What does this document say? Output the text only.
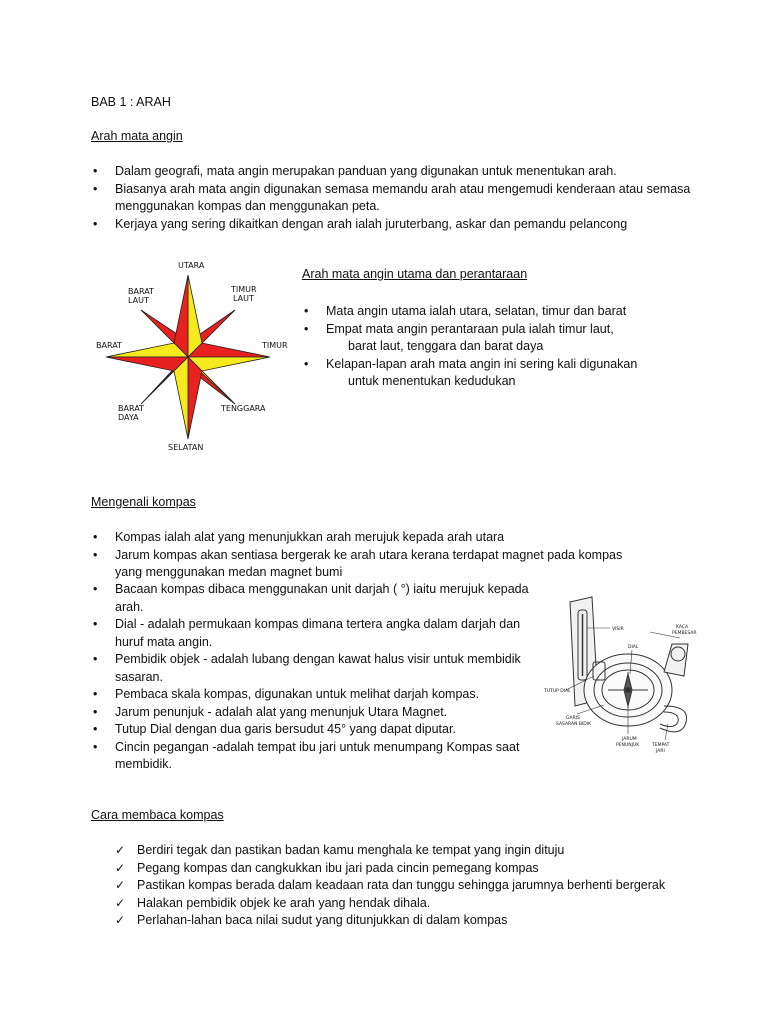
BAB 1 : ARAH
Arah mata angin
• Dalam geografi, mata angin merupakan panduan yang digunakan untuk menentukan arah.
• Biasanya arah mata angin digunakan semasa memandu arah atau mengemudi kenderaan atau semasa menggunakan kompas dan menggunakan peta.
• Kerjaya yang sering dikaitkan dengan arah ialah juruterbang, askar dan pemandu pelancong
UTARA
SELATAN
TIMUR
BARAT
TIMUR
LAUT
BARAT
LAUT
TENGGARA
BARAT
DAYA
Arah mata angin utama dan perantaraan
• Mata angin utama ialah utara, selatan, timur dan barat
• Empat mata angin perantaraan pula ialah timur laut,
barat laut, tenggara dan barat daya
• Kelapan-lapan arah mata angin ini sering kali digunakan
untuk menentukan kedudukan
Mengenali kompas
• Kompas ialah alat yang menunjukkan arah merujuk kepada arah utara
• Jarum kompas akan sentiasa bergerak ke arah utara kerana terdapat magnet pada kompas yang menggunakan medan magnet bumi
• Bacaan kompas dibaca menggunakan unit darjah ( °) iaitu merujuk kepada arah.
• Dial - adalah permukaan kompas dimana tertera angka dalam darjah dan huruf mata angin.
• Pembidik objek - adalah lubang dengan kawat halus visir untuk membidik sasaran.
• Pembaca skala kompas, digunakan untuk melihat darjah kompas.
• Jarum penunjuk - adalah alat yang menunjuk Utara Magnet.
• Tutup Dial dengan dua garis bersudut 45° yang dapat diputar.
• Cincin pegangan -adalah tempat ibu jari untuk menumpang Kompas saat membidik.
VISIR	KACA
PEMBESAR
DIAL
TUTUP DIAL
GARIS
SASARAN BIDIK
JARUM
PENUNJUK	TEMPAT
JARI
Cara membaca kompas
✓ Berdiri tegak dan pastikan badan kamu menghala ke tempat yang ingin dituju
✓ Pegang kompas dan cangkukkan ibu jari pada cincin pemegang kompas
✓ Pastikan kompas berada dalam keadaan rata dan tunggu sehingga jarumnya berhenti bergerak
✓ Halakan pembidik objek ke arah yang hendak dihala.
✓ Perlahan-lahan baca nilai sudut yang ditunjukkan di dalam kompas
